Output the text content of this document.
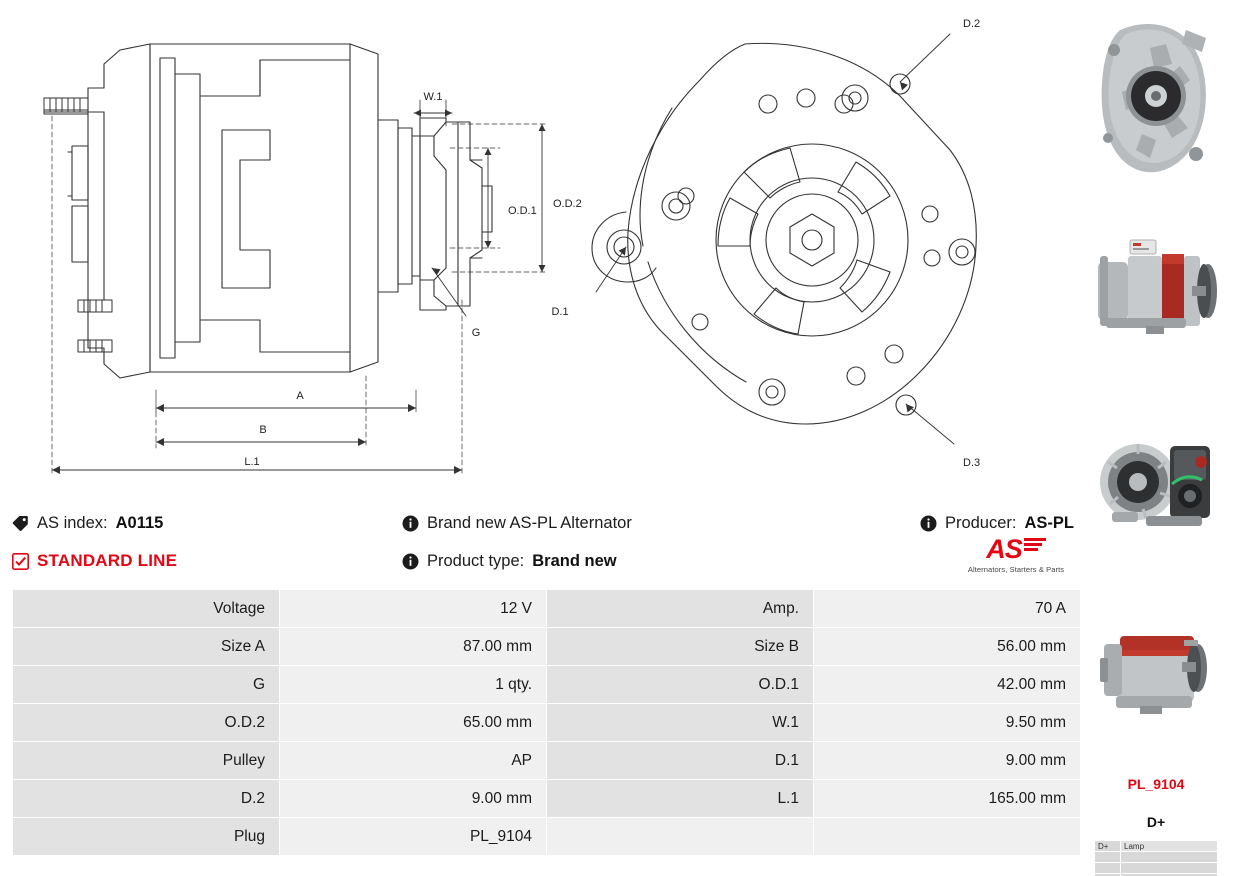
W.1
O.D.1
O.D.2
G
A
B
L.1
D.2
D.1
D.3
AS index: A0115	Brand new AS-PL Alternator	Producer: AS-PL
STANDARD LINE	Product type: Brand new	AS
Alternators, Starters & Parts
Voltage	12 V	Amp.	70 A
Size A	87.00 mm	Size B	56.00 mm
G	1 qty.	O.D.1	42.00 mm
O.D.2	65.00 mm	W.1	9.50 mm
Pulley	AP	D.1	9.00 mm
D.2	9.00 mm	L.1	165.00 mm
Plug	PL_9104		
PL_9104
D+
D+	Lamp
